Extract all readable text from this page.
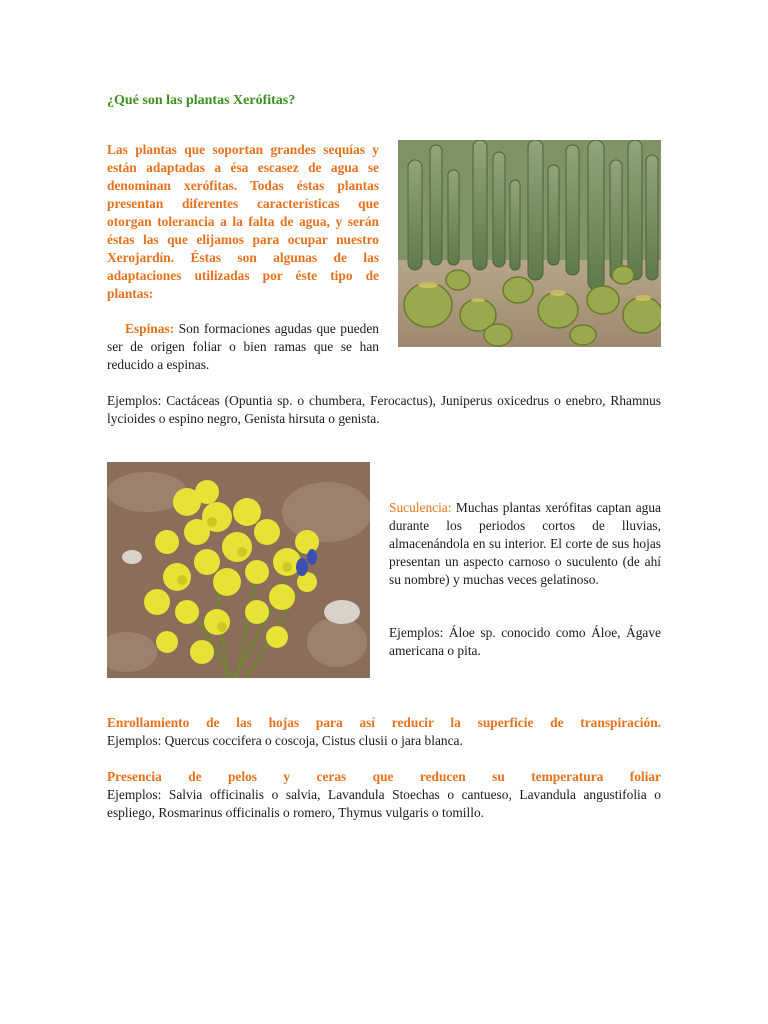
¿Qué son las plantas Xerófitas?
Las plantas que soportan grandes sequías y están adaptadas a ésa escasez de agua se denominan xerófitas. Todas éstas plantas presentan diferentes características que otorgan tolerancia a la falta de agua, y serán éstas las que elijamos para ocupar nuestro Xerojardín. Éstas son algunas de las adaptaciones utilizadas por éste tipo de plantas:
Espinas: Son formaciones agudas que pueden ser de origen foliar o bien ramas que se han reducido a espinas.
Ejemplos: Cactáceas (Opuntia sp. o chumbera, Ferocactus), Juniperus oxicedrus o enebro, Rhamnus lycioides o espino negro, Genista hirsuta o genista.
Suculencia: Muchas plantas xerófitas captan agua durante los periodos cortos de lluvias, almacenándola en su interior. El corte de sus hojas presentan un aspecto carnoso o suculento (de ahí su nombre) y muchas veces gelatinoso.
Ejemplos: Áloe sp. conocido como Áloe, Ágave americana o pita.
Enrollamiento de las hojas para así reducir la superficie de transpiración.
Ejemplos: Quercus coccifera o coscoja, Cistus clusii o jara blanca.
Presencia de pelos y ceras que reducen su temperatura foliar
Ejemplos: Salvia officinalis o salvia, Lavandula Stoechas o cantueso, Lavandula angustifolia o espliego, Rosmarinus officinalis o romero, Thymus vulgaris o tomillo.
